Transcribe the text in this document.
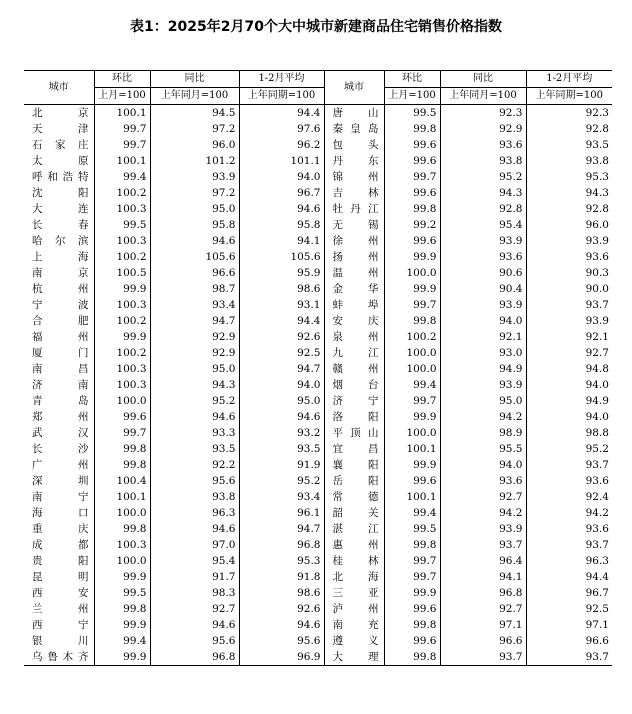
表1：2025年2月70个大中城市新建商品住宅销售价格指数
城市	环比	同比	1-2月平均	城市	环比	同比	1-2月平均
	上月=100	上年同月=100	上年同期=100		上月=100	上年同月=100	上年同期=100
北　　京	100.1	94.5	94.4	唐　　山	99.5	92.3	92.3
天　　津	99.7	97.2	97.6	秦 皇 岛	99.8	92.9	92.8
石 家 庄	99.7	96.0	96.2	包　　头	99.6	93.6	93.5
太　　原	100.1	101.2	101.1	丹　　东	99.6	93.8	93.8
呼和浩特	99.4	93.9	94.0	锦　　州	99.7	95.2	95.3
沈　　阳	100.2	97.2	96.7	吉　　林	99.6	94.3	94.3
大　　连	100.3	95.0	94.6	牡 丹 江	99.8	92.8	92.8
长　　春	99.5	95.8	95.8	无　　锡	99.2	95.4	96.0
哈 尔 滨	100.3	94.6	94.1	徐　　州	99.6	93.9	93.9
上　　海	100.2	105.6	105.6	扬　　州	99.9	93.6	93.6
南　　京	100.5	96.6	95.9	温　　州	100.0	90.6	90.3
杭　　州	99.9	98.7	98.6	金　　华	99.9	90.4	90.0
宁　　波	100.3	93.4	93.1	蚌　　埠	99.7	93.9	93.7
合　　肥	100.2	94.7	94.4	安　　庆	99.8	94.0	93.9
福　　州	99.9	92.9	92.6	泉　　州	100.2	92.1	92.1
厦　　门	100.2	92.9	92.5	九　　江	100.0	93.0	92.7
南　　昌	100.3	95.0	94.7	赣　　州	100.0	94.9	94.8
济　　南	100.3	94.3	94.0	烟　　台	99.4	93.9	94.0
青　　岛	100.0	95.2	95.0	济　　宁	99.7	95.0	94.9
郑　　州	99.6	94.6	94.6	洛　　阳	99.9	94.2	94.0
武　　汉	99.7	93.3	93.2	平 顶 山	100.0	98.9	98.8
长　　沙	99.8	93.5	93.5	宜　　昌	100.1	95.5	95.2
广　　州	99.8	92.2	91.9	襄　　阳	99.9	94.0	93.7
深　　圳	100.4	95.6	95.2	岳　　阳	99.6	93.6	93.6
南　　宁	100.1	93.8	93.4	常　　德	100.1	92.7	92.4
海　　口	100.0	96.3	96.1	韶　　关	99.4	94.2	94.2
重　　庆	99.8	94.6	94.7	湛　　江	99.5	93.9	93.6
成　　都	100.3	97.0	96.8	惠　　州	99.8	93.7	93.7
贵　　阳	100.0	95.4	95.3	桂　　林	99.7	96.4	96.3
昆　　明	99.9	91.7	91.8	北　　海	99.7	94.1	94.4
西　　安	99.5	98.3	98.6	三　　亚	99.9	96.8	96.7
兰　　州	99.8	92.7	92.6	泸　　州	99.6	92.7	92.5
西　　宁	99.9	94.6	94.6	南　　充	99.8	97.1	97.1
银　　川	99.4	95.6	95.6	遵　　义	99.6	96.6	96.6
乌鲁木齐	99.9	96.8	96.9	大　　理	99.8	93.7	93.7
